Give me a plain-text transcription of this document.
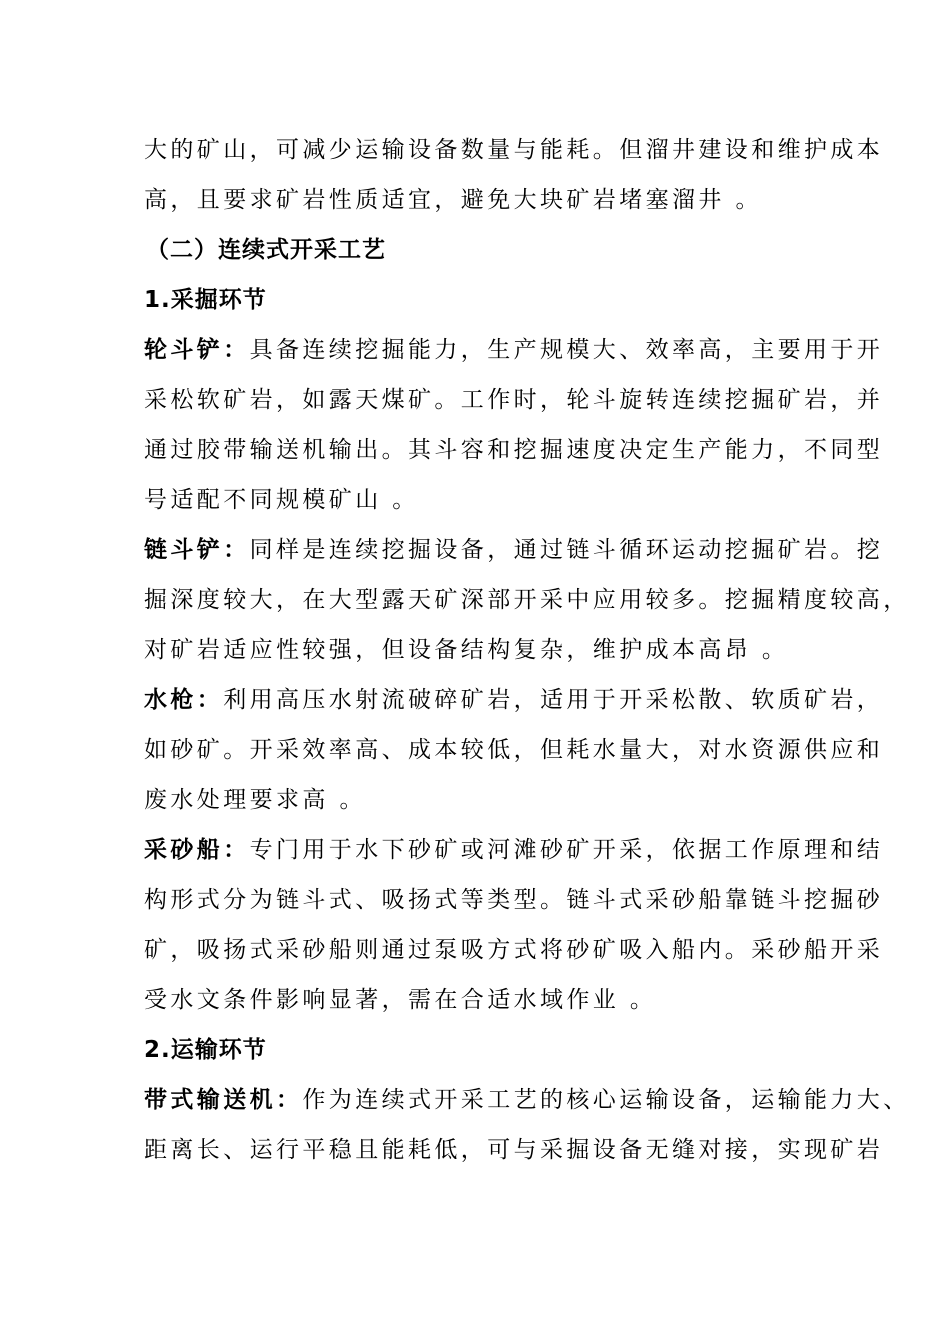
大的矿山，可减少运输设备数量与能耗。但溜井建设和维护成本
高，且要求矿岩性质适宜，避免大块矿岩堵塞溜井 。
（二）连续式开采工艺
1.采掘环节
轮斗铲：具备连续挖掘能力，生产规模大、效率高，主要用于开
采松软矿岩，如露天煤矿。工作时，轮斗旋转连续挖掘矿岩，并
通过胶带输送机输出。其斗容和挖掘速度决定生产能力，不同型
号适配不同规模矿山 。
链斗铲：同样是连续挖掘设备，通过链斗循环运动挖掘矿岩。挖
掘深度较大，在大型露天矿深部开采中应用较多。挖掘精度较高，
对矿岩适应性较强，但设备结构复杂，维护成本高昂 。
水枪：利用高压水射流破碎矿岩，适用于开采松散、软质矿岩，
如砂矿。开采效率高、成本较低，但耗水量大，对水资源供应和
废水处理要求高 。
采砂船：专门用于水下砂矿或河滩砂矿开采，依据工作原理和结
构形式分为链斗式、吸扬式等类型。链斗式采砂船靠链斗挖掘砂
矿，吸扬式采砂船则通过泵吸方式将砂矿吸入船内。采砂船开采
受水文条件影响显著，需在合适水域作业 。
2.运输环节
带式输送机：作为连续式开采工艺的核心运输设备，运输能力大、
距离长、运行平稳且能耗低，可与采掘设备无缝对接，实现矿岩
